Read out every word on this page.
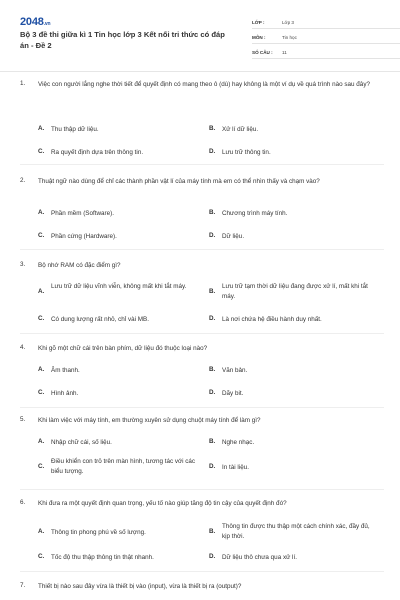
2048.vn
Bộ 3 đề thi giữa kì 1 Tin học lớp 3 Kết nối tri thức có đáp án - Đề 2
LỚP :	Lớp 3
MÔN :	Tin học
SỐ CÂU :	11
1.	Việc con người lắng nghe thời tiết để quyết định có mang theo ô (dù) hay không là một ví dụ về quá trình nào sau đây?
A. Thu thập dữ liệu.	B. Xử lí dữ liệu.
C. Ra quyết định dựa trên thông tin.	D. Lưu trữ thông tin.
2.	Thuật ngữ nào dùng để chỉ các thành phần vật lí của máy tính mà em có thể nhìn thấy và chạm vào?
A. Phần mềm (Software).	B. Chương trình máy tính.
C. Phần cứng (Hardware).	D. Dữ liệu.
3.	Bộ nhớ RAM có đặc điểm gì?
A.
Lưu trữ dữ liệu vĩnh viễn, không mất khi tắt máy.
B.
Lưu trữ tạm thời dữ liệu đang được xử lí, mất khi tắt máy.
C. Có dung lượng rất nhỏ, chỉ vài MB.	D. Là nơi chứa hệ điều hành duy nhất.
4.	Khi gõ một chữ cái trên bàn phím, dữ liệu đó thuộc loại nào?
A. Âm thanh.	B. Văn bản.
C. Hình ảnh.	D. Dãy bit.
5.	Khi làm việc với máy tính, em thường xuyên sử dụng chuột máy tính để làm gì?
A. Nhập chữ cái, số liệu.	B. Nghe nhạc.
C.
Điều khiển con trỏ trên màn hình, tương tác với các biểu tượng.
D. In tài liệu.
6.	Khi đưa ra một quyết định quan trọng, yếu tố nào giúp tăng độ tin cậy của quyết định đó?
A. Thông tin phong phú về số lượng.	B.
Thông tin được thu thập một cách chính xác, đầy đủ, kịp thời.
C. Tốc độ thu thập thông tin thật nhanh.	D. Dữ liệu thô chưa qua xử lí.
7.	Thiết bị nào sau đây vừa là thiết bị vào (input), vừa là thiết bị ra (output)?
